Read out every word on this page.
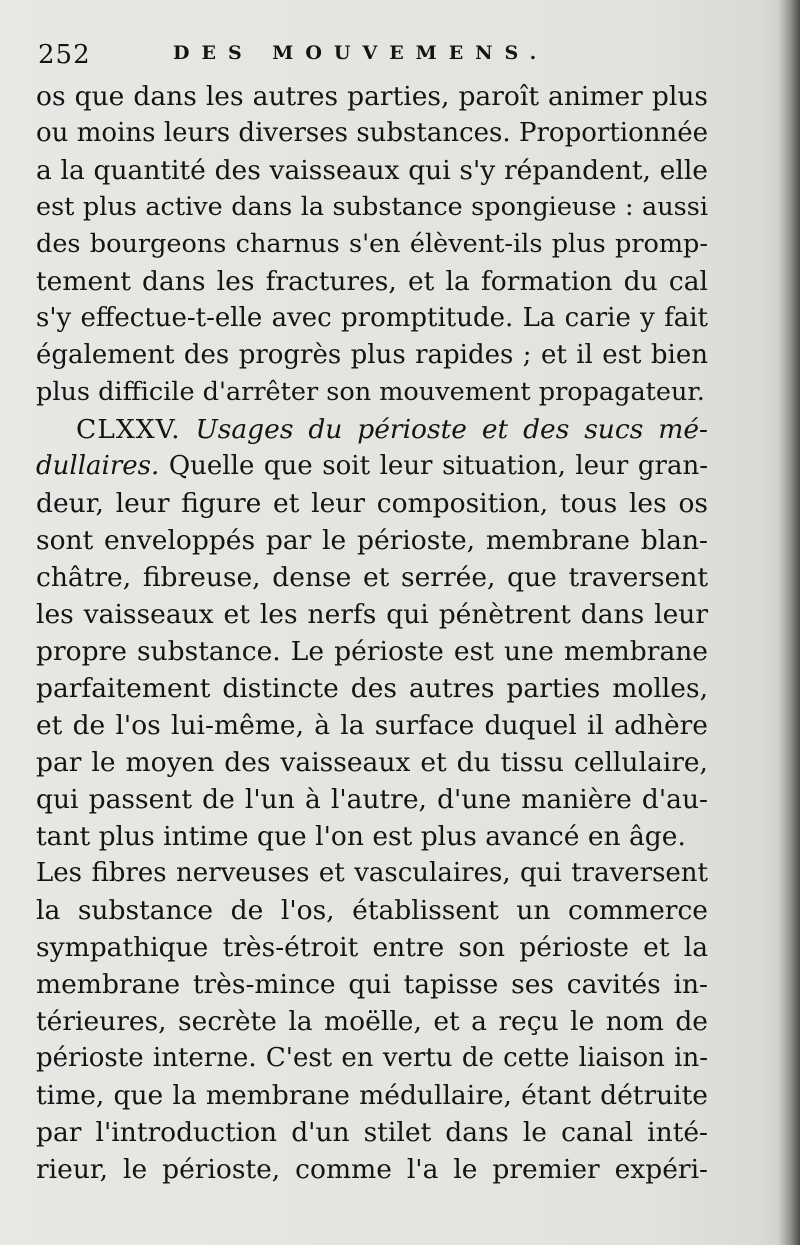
252	DES MOUVEMENS.
os que dans les autres parties, paroît animer plus
ou moins leurs diverses substances. Proportionnée
a la quantité des vaisseaux qui s'y répandent, elle
est plus active dans la substance spongieuse : aussi
des bourgeons charnus s'en élèvent-ils plus promp-
tement dans les fractures, et la formation du cal
s'y effectue-t-elle avec promptitude. La carie y fait
également des progrès plus rapides ; et il est bien
plus difficile d'arrêter son mouvement propagateur.
CLXXV. Usages du périoste et des sucs mé-
dullaires. Quelle que soit leur situation, leur gran-
deur, leur figure et leur composition, tous les os
sont enveloppés par le périoste, membrane blan-
châtre, fibreuse, dense et serrée, que traversent
les vaisseaux et les nerfs qui pénètrent dans leur
propre substance. Le périoste est une membrane
parfaitement distincte des autres parties molles,
et de l'os lui-même, à la surface duquel il adhère
par le moyen des vaisseaux et du tissu cellulaire,
qui passent de l'un à l'autre, d'une manière d'au-
tant plus intime que l'on est plus avancé en âge.
Les fibres nerveuses et vasculaires, qui traversent
la substance de l'os, établissent un commerce
sympathique très-étroit entre son périoste et la
membrane très-mince qui tapisse ses cavités in-
térieures, secrète la moëlle, et a reçu le nom de
périoste interne. C'est en vertu de cette liaison in-
time, que la membrane médullaire, étant détruite
par l'introduction d'un stilet dans le canal inté-
rieur, le périoste, comme l'a le premier expéri-
